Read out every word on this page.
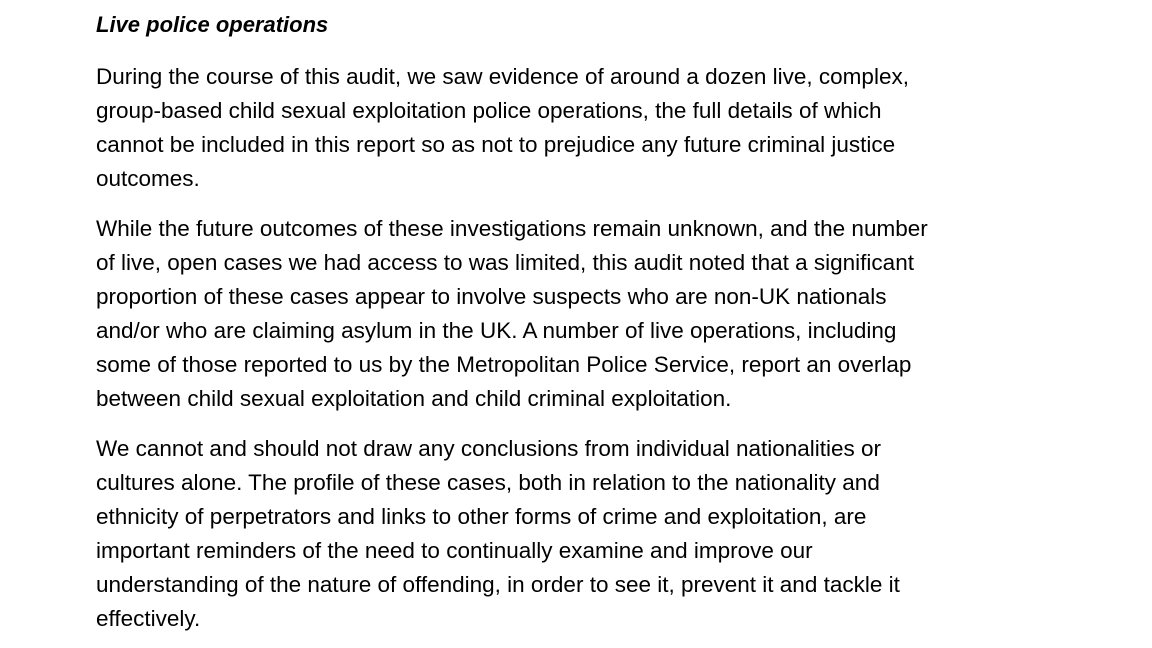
Live police operations

During the course of this audit, we saw evidence of around a dozen live, complex,
group-based child sexual exploitation police operations, the full details of which
cannot be included in this report so as not to prejudice any future criminal justice
outcomes.

While the future outcomes of these investigations remain unknown, and the number
of live, open cases we had access to was limited, this audit noted that a significant
proportion of these cases appear to involve suspects who are non-UK nationals
and/or who are claiming asylum in the UK. A number of live operations, including
some of those reported to us by the Metropolitan Police Service, report an overlap
between child sexual exploitation and child criminal exploitation.

We cannot and should not draw any conclusions from individual nationalities or
cultures alone. The profile of these cases, both in relation to the nationality and
ethnicity of perpetrators and links to other forms of crime and exploitation, are
important reminders of the need to continually examine and improve our
understanding of the nature of offending, in order to see it, prevent it and tackle it
effectively.
